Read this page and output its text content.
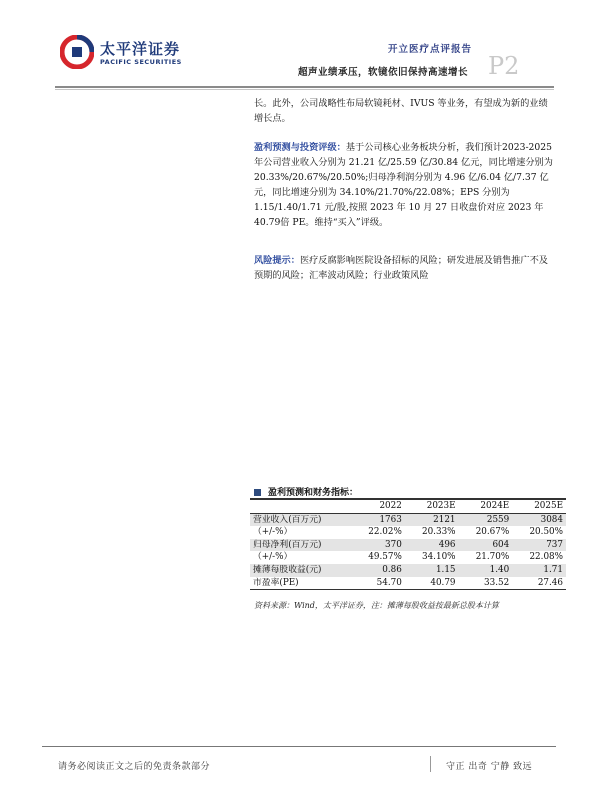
太平洋证券
PACIFIC SECURITIES
开立医疗点评报告
超声业绩承压，软镜依旧保持高速增长 P2
长。此外，公司战略性布局软镜耗材、IVUS 等业务，有望成为新的业绩增长点。
盈利预测与投资评级：基于公司核心业务板块分析，我们预计2023-2025 年公司营业收入分别为 21.21 亿/25.59 亿/30.84 亿元，同比增速分别为 20.33%/20.67%/20.50%;归母净利润分别为 4.96 亿/6.04 亿/7.37 亿元，同比增速分别为 34.10%/21.70%/22.08%；EPS 分别为 1.15/1.40/1.71 元/股,按照 2023 年 10 月 27 日收盘价对应 2023 年 40.79倍 PE。维持“买入”评级。
风险提示：医疗反腐影响医院设备招标的风险；研发进展及销售推广不及预期的风险；汇率波动风险；行业政策风险
盈利预测和财务指标：
	2022	2023E	2024E	2025E
营业收入(百万元)	1763	2121	2559	3084
（+/-%）	22.02%	20.33%	20.67%	20.50%
归母净利(百万元)	370	496	604	737
（+/-%）	49.57%	34.10%	21.70%	22.08%
摊薄每股收益(元)	0.86	1.15	1.40	1.71
市盈率(PE)	54.70	40.79	33.52	27.46
资料来源：Wind，太平洋证券，注：摊薄每股收益按最新总股本计算
请务必阅读正文之后的免责条款部分	守正 出奇 宁静 致远
